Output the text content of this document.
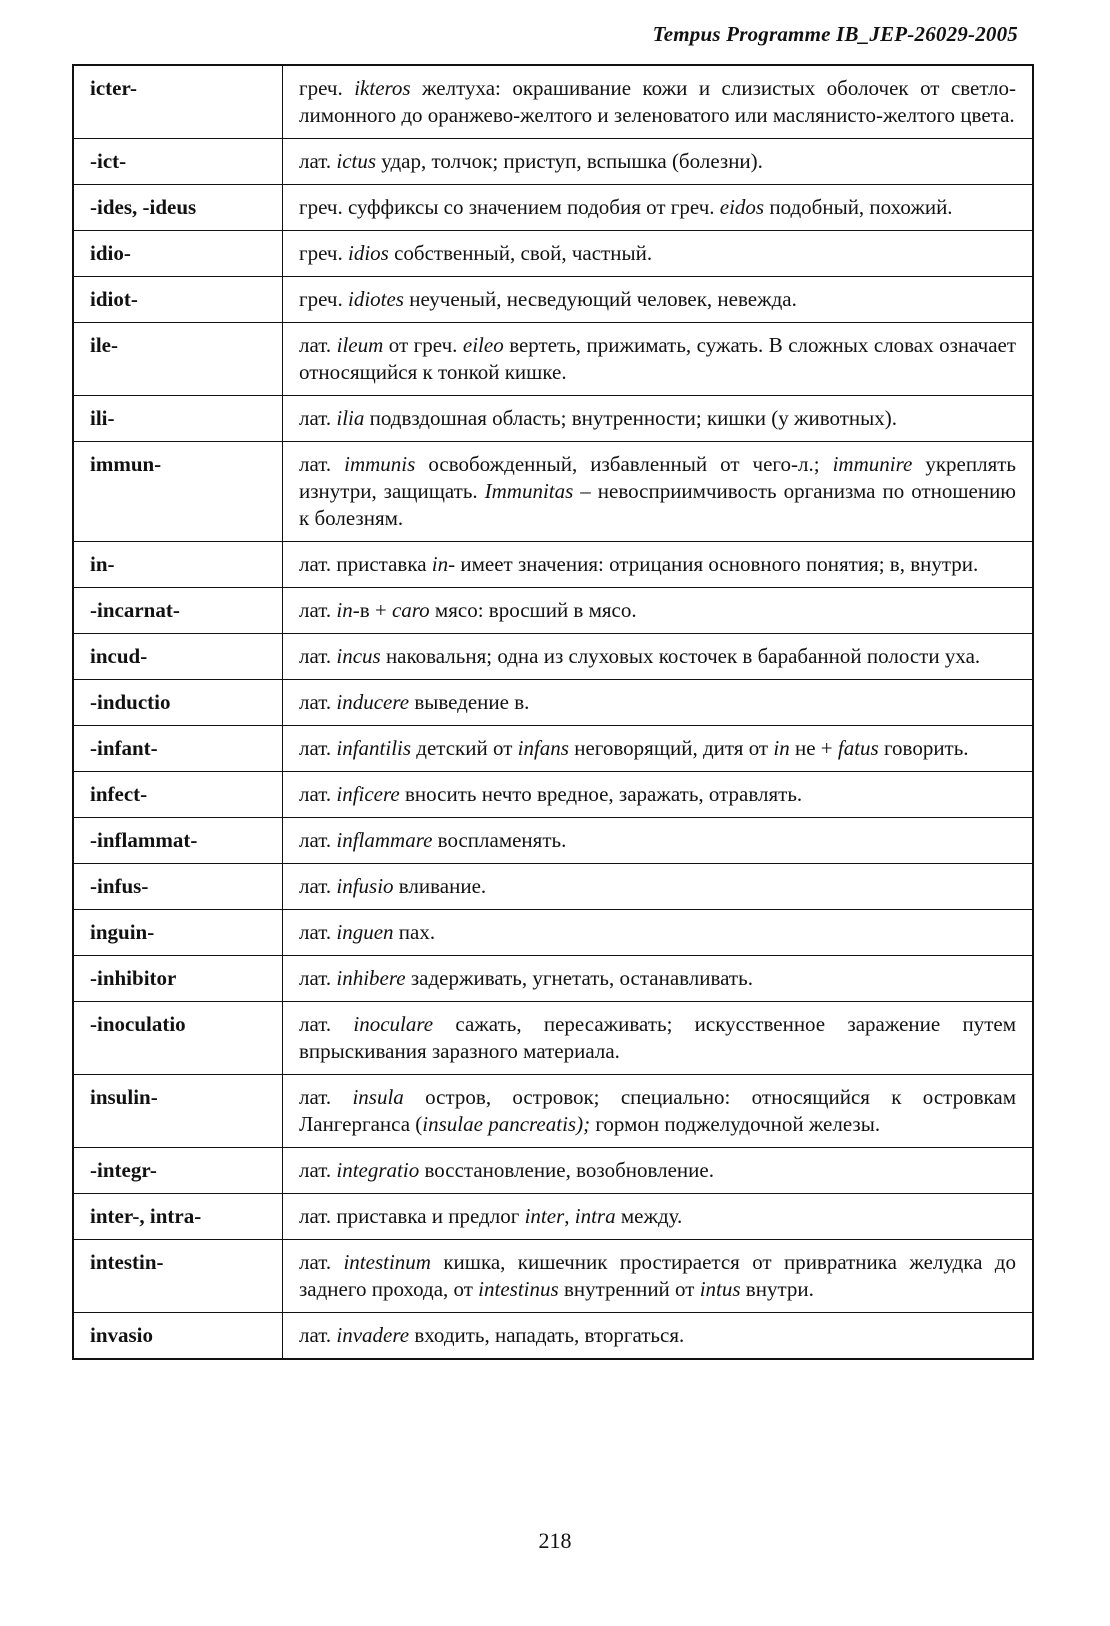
Tempus Programme IB_JEP-26029-2005
icter-	греч. ikteros желтуха: окрашивание кожи и слизистых оболочек от светло-лимонного до оранжево-желтого и зеленоватого или маслянисто-желтого цвета.
-ict-	лат. ictus удар, толчок; приступ, вспышка (болезни).
-ides, -ideus	греч. суффиксы со значением подобия от греч. eidos подобный, похожий.
idio-	греч. idios собственный, свой, частный.
idiot-	греч. idiotes неученый, несведующий человек, невежда.
ile-	лат. ileum от греч. eileo вертеть, прижимать, сужать. В сложных словах означает относящийся к тонкой кишке.
ili-	лат. ilia подвздошная область; внутренности; кишки (у животных).
immun-	лат. immunis освобожденный, избавленный от чего-л.; immunire укреплять изнутри, защищать. Immunitas – невосприимчивость организма по отношению к болезням.
in-	лат. приставка in- имеет значения: отрицания основного понятия; в, внутри.
-incarnat-	лат. in-в + caro мясо: вросший в мясо.
incud-	лат. incus наковальня; одна из слуховых косточек в барабанной полости уха.
-inductio	лат. inducere выведение в.
-infant-	лат. infantilis детский от infans неговорящий, дитя от in не + fatus говорить.
infect-	лат. inficere вносить нечто вредное, заражать, отравлять.
-inflammat-	лат. inflammare воспламенять.
-infus-	лат. infusio вливание.
inguin-	лат. inguen пах.
-inhibitor	лат. inhibere задерживать, угнетать, останавливать.
-inoculatio	лат. inoculare сажать, пересаживать; искусственное заражение путем впрыскивания заразного материала.
insulin-	лат. insula остров, островок; специально: относящийся к островкам Лангерганса (insulae pancreatis); гормон поджелудочной железы.
-integr-	лат. integratio восстановление, возобновление.
inter-, intra-	лат. приставка и предлог inter, intra между.
intestin-	лат. intestinum кишка, кишечник простирается от привратника желудка до заднего прохода, от intestinus внутренний от intus внутри.
invasio	лат. invadere входить, нападать, вторгаться.
218
